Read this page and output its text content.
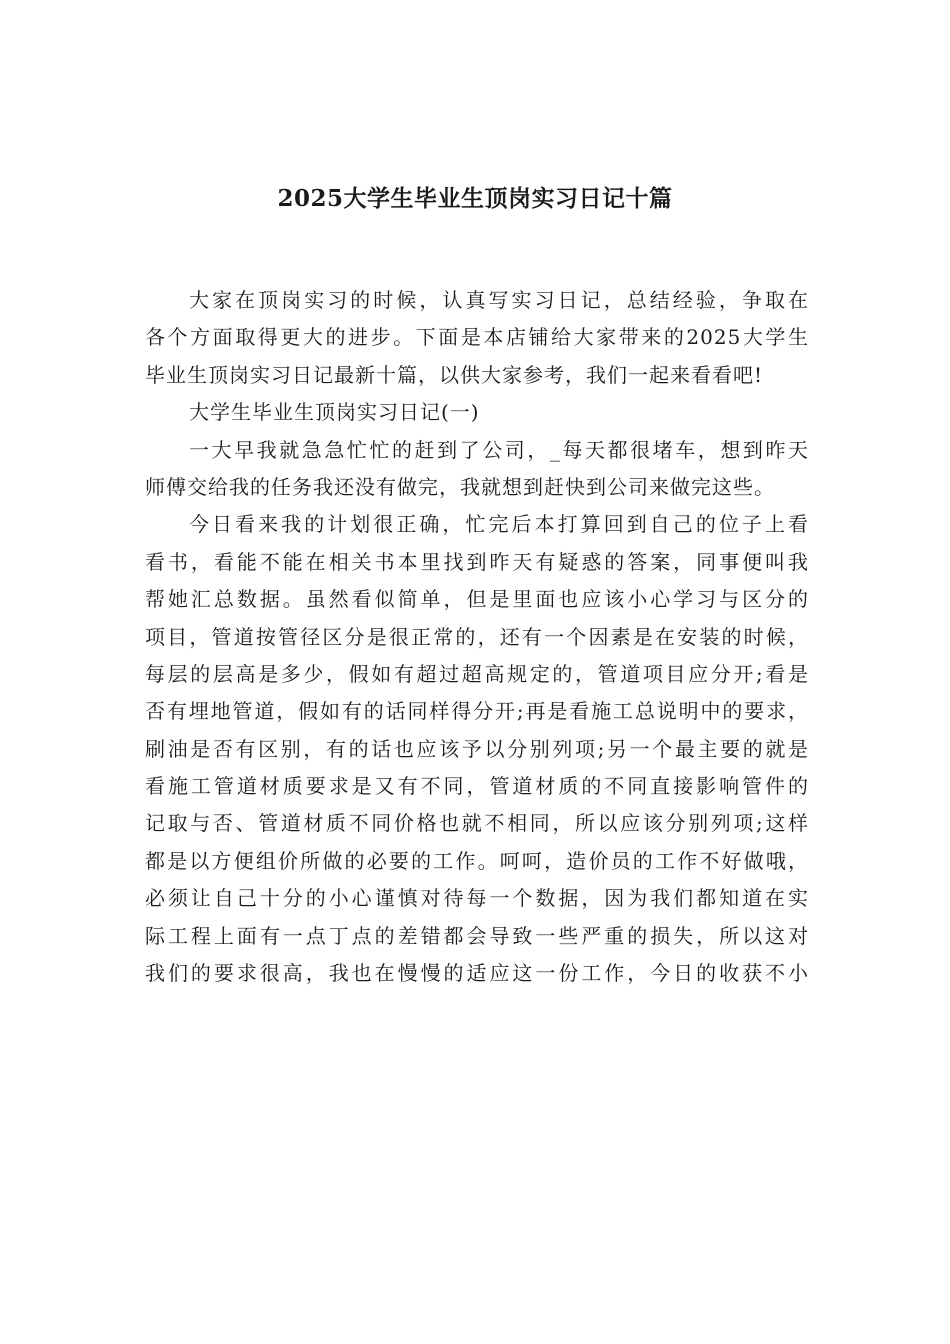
2025大学生毕业生顶岗实习日记十篇
大家在顶岗实习的时候，认真写实习日记，总结经验，争取在
各个方面取得更大的进步。下面是本店铺给大家带来的2025大学生
毕业生顶岗实习日记最新十篇，以供大家参考，我们一起来看看吧!
大学生毕业生顶岗实习日记(一)
一大早我就急急忙忙的赶到了公司，_每天都很堵车，想到昨天
师傅交给我的任务我还没有做完，我就想到赶快到公司来做完这些。
今日看来我的计划很正确，忙完后本打算回到自己的位子上看
看书，看能不能在相关书本里找到昨天有疑惑的答案，同事便叫我
帮她汇总数据。虽然看似简单，但是里面也应该小心学习与区分的
项目，管道按管径区分是很正常的，还有一个因素是在安装的时候，
每层的层高是多少，假如有超过超高规定的，管道项目应分开;看是
否有埋地管道，假如有的话同样得分开;再是看施工总说明中的要求，
刷油是否有区别，有的话也应该予以分别列项;另一个最主要的就是
看施工管道材质要求是又有不同，管道材质的不同直接影响管件的
记取与否、管道材质不同价格也就不相同，所以应该分别列项;这样
都是以方便组价所做的必要的工作。呵呵，造价员的工作不好做哦，
必须让自己十分的小心谨慎对待每一个数据，因为我们都知道在实
际工程上面有一点丁点的差错都会导致一些严重的损失，所以这对
我们的要求很高，我也在慢慢的适应这一份工作，今日的收获不小
